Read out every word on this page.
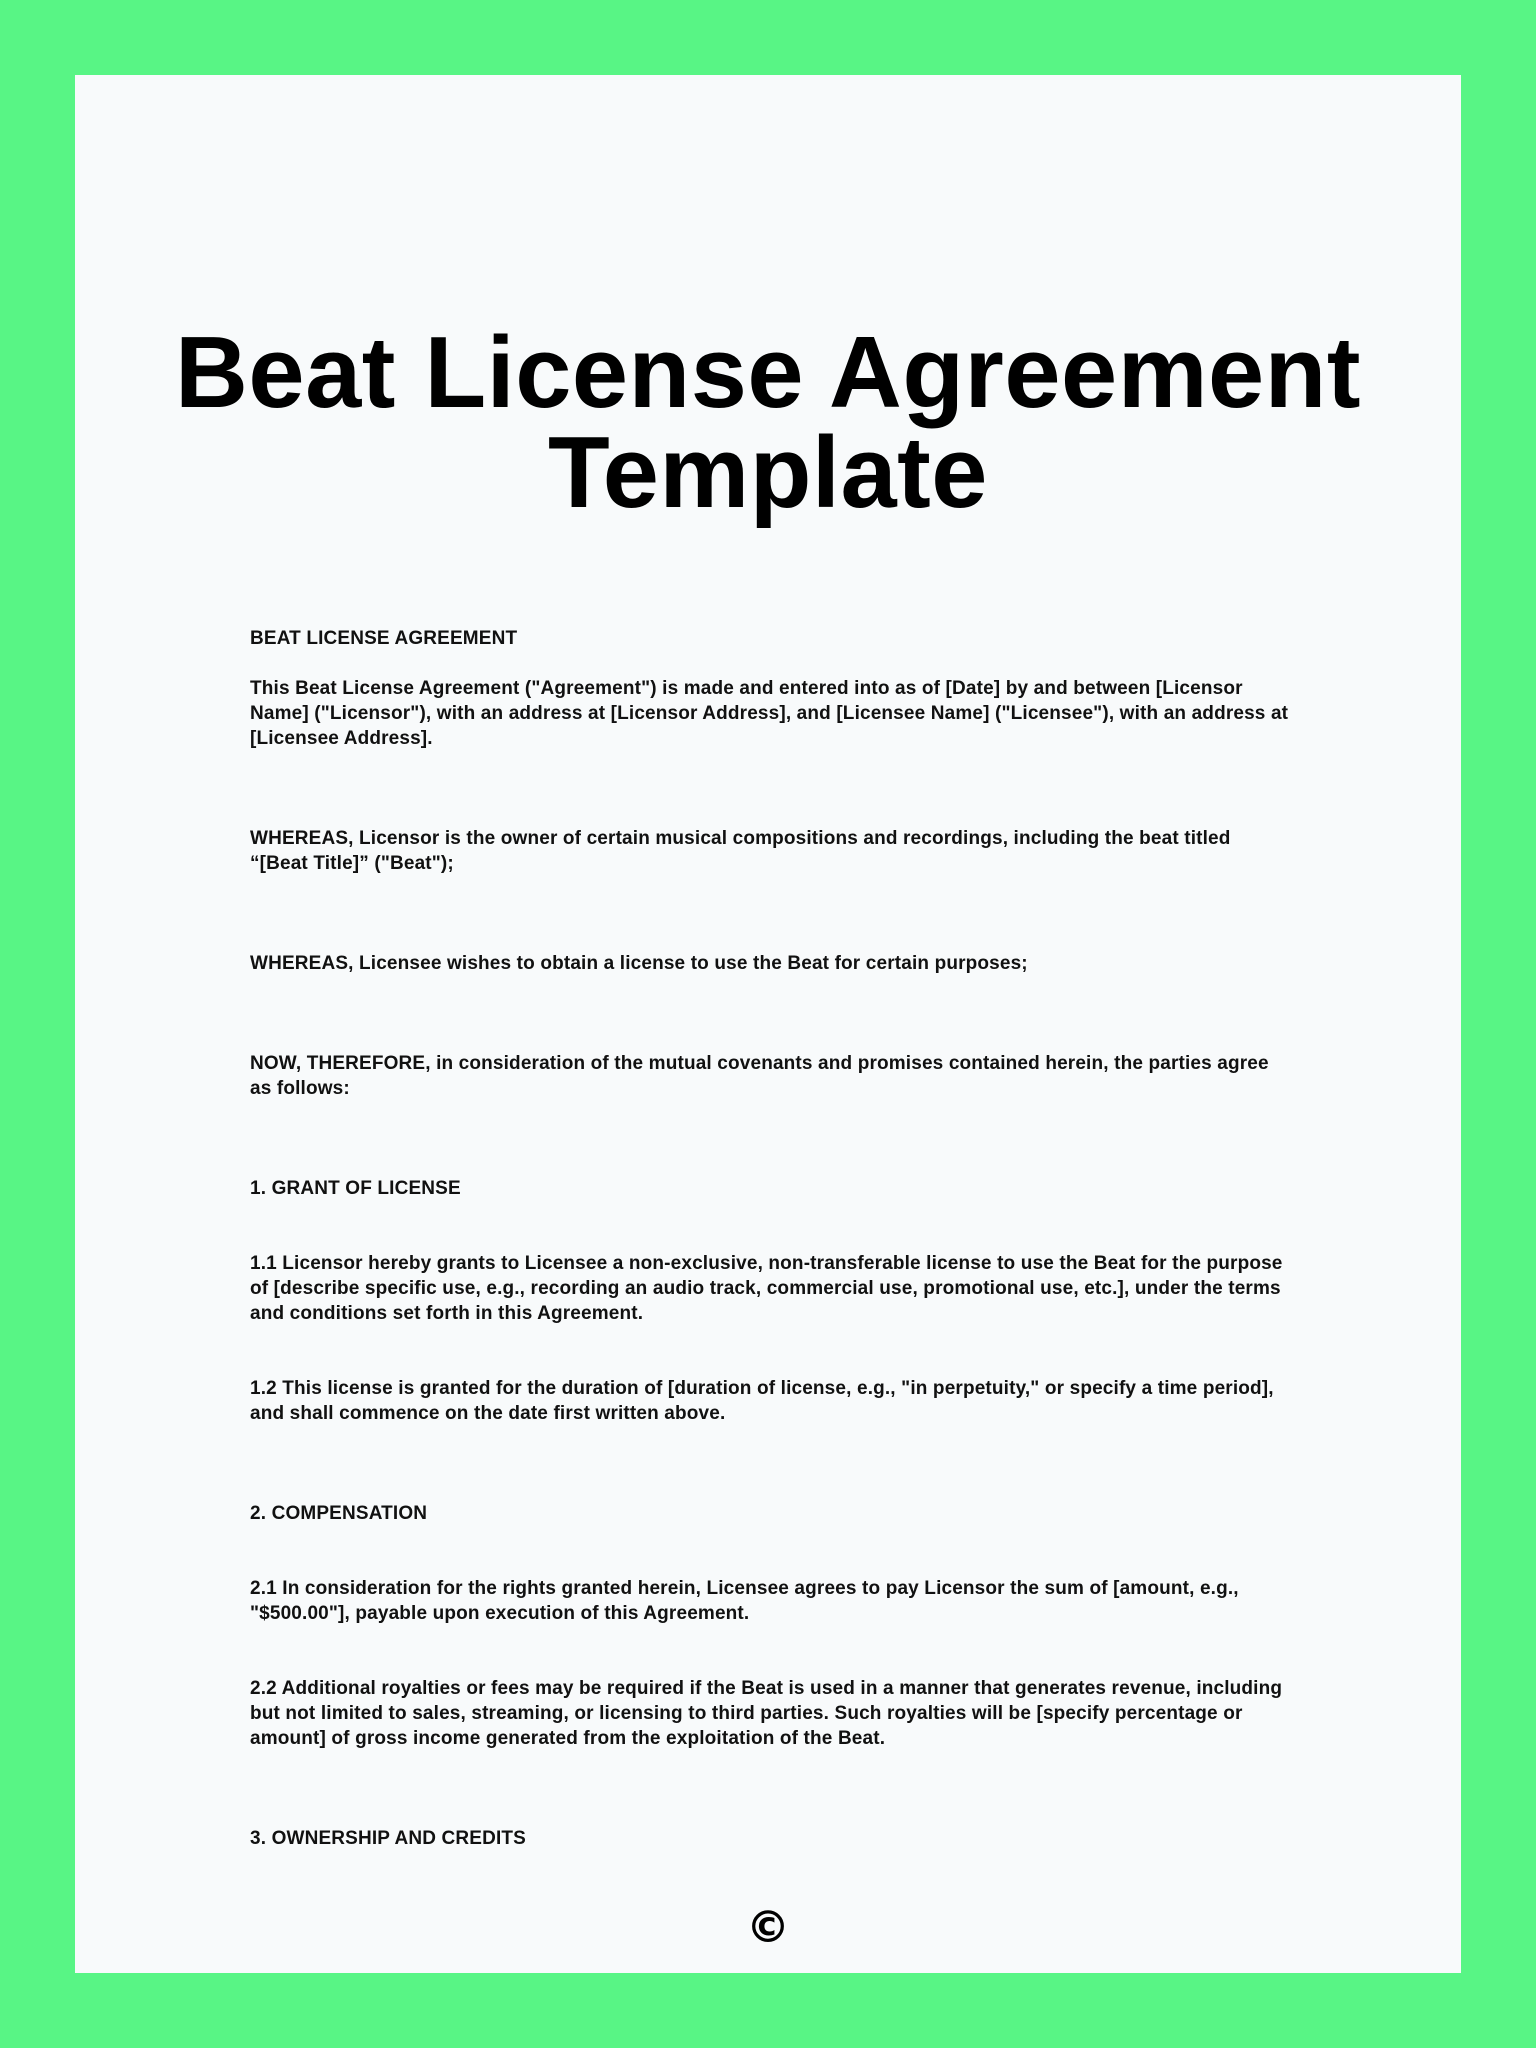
Beat License Agreement
Template

BEAT LICENSE AGREEMENT

This Beat License Agreement ("Agreement") is made and entered into as of [Date] by and between [Licensor Name] ("Licensor"), with an address at [Licensor Address], and [Licensee Name] ("Licensee"), with an address at [Licensee Address].

WHEREAS, Licensor is the owner of certain musical compositions and recordings, including the beat titled “[Beat Title]” ("Beat");

WHEREAS, Licensee wishes to obtain a license to use the Beat for certain purposes;

NOW, THEREFORE, in consideration of the mutual covenants and promises contained herein, the parties agree as follows:

1. GRANT OF LICENSE

1.1 Licensor hereby grants to Licensee a non-exclusive, non-transferable license to use the Beat for the purpose of [describe specific use, e.g., recording an audio track, commercial use, promotional use, etc.], under the terms and conditions set forth in this Agreement.

1.2 This license is granted for the duration of [duration of license, e.g., "in perpetuity," or specify a time period], and shall commence on the date first written above.

2. COMPENSATION

2.1 In consideration for the rights granted herein, Licensee agrees to pay Licensor the sum of [amount, e.g., "$500.00"], payable upon execution of this Agreement.

2.2 Additional royalties or fees may be required if the Beat is used in a manner that generates revenue, including but not limited to sales, streaming, or licensing to third parties. Such royalties will be [specify percentage or amount] of gross income generated from the exploitation of the Beat.

3. OWNERSHIP AND CREDITS

©
